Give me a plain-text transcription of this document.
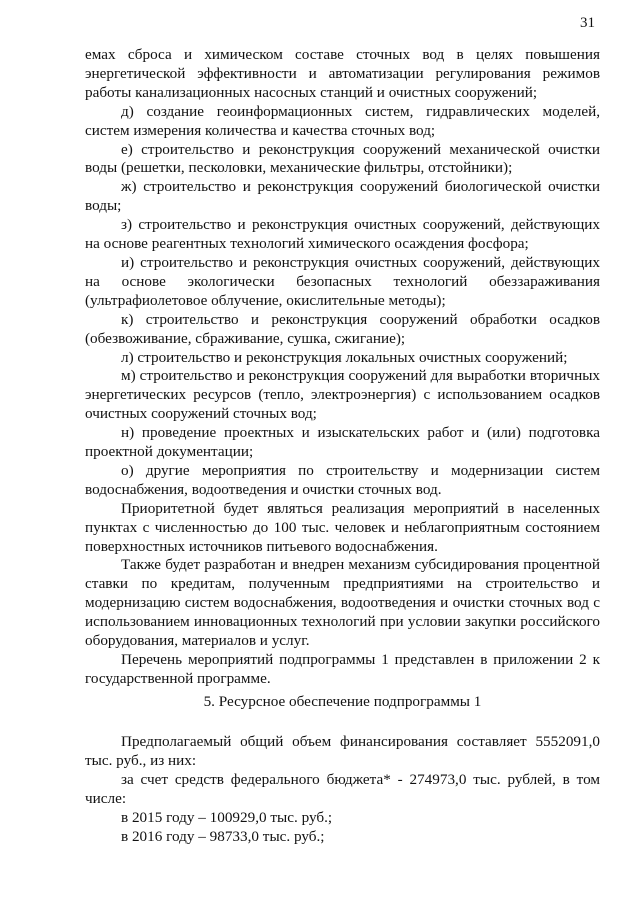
31

емах сброса и химическом составе сточных вод в целях повышения энергетической эффективности и автоматизации регулирования режимов работы канализационных насосных станций и очистных сооружений;

д) создание геоинформационных систем, гидравлических моделей, систем измерения количества и качества сточных вод;

е) строительство и реконструкция сооружений механической очистки воды (решетки, песколовки, механические фильтры, отстойники);

ж) строительство и реконструкция сооружений биологической очистки воды;

з) строительство и реконструкция очистных сооружений, действующих на основе реагентных технологий химического осаждения фосфора;

и) строительство и реконструкция очистных сооружений, действующих на основе экологически безопасных технологий обеззараживания (ультрафиолетовое облучение, окислительные методы);

к) строительство и реконструкция сооружений обработки осадков (обезвоживание, сбраживание, сушка, сжигание);

л) строительство и реконструкция локальных очистных сооружений;

м) строительство и реконструкция сооружений для выработки вторичных энергетических ресурсов (тепло, электроэнергия) с использованием осадков очистных сооружений сточных вод;

н) проведение проектных и изыскательских работ и (или) подготовка проектной документации;

о) другие мероприятия по строительству и модернизации систем водоснабжения, водоотведения и очистки сточных вод.

Приоритетной будет являться реализация мероприятий в населенных пунктах с численностью до 100 тыс. человек и неблагоприятным состоянием поверхностных источников питьевого водоснабжения.

Также будет разработан и внедрен механизм субсидирования процентной ставки по кредитам, полученным предприятиями на строительство и модернизацию систем водоснабжения, водоотведения и очистки сточных вод с использованием инновационных технологий при условии закупки российского оборудования, материалов и услуг.

Перечень мероприятий подпрограммы 1 представлен в приложении 2 к государственной программе.

5. Ресурсное обеспечение подпрограммы 1

Предполагаемый общий объем финансирования составляет 5552091,0 тыс. руб., из них:

за счет средств федерального бюджета* - 274973,0 тыс. рублей, в том числе:

в 2015 году – 100929,0 тыс. руб.;

в 2016 году – 98733,0 тыс. руб.;
